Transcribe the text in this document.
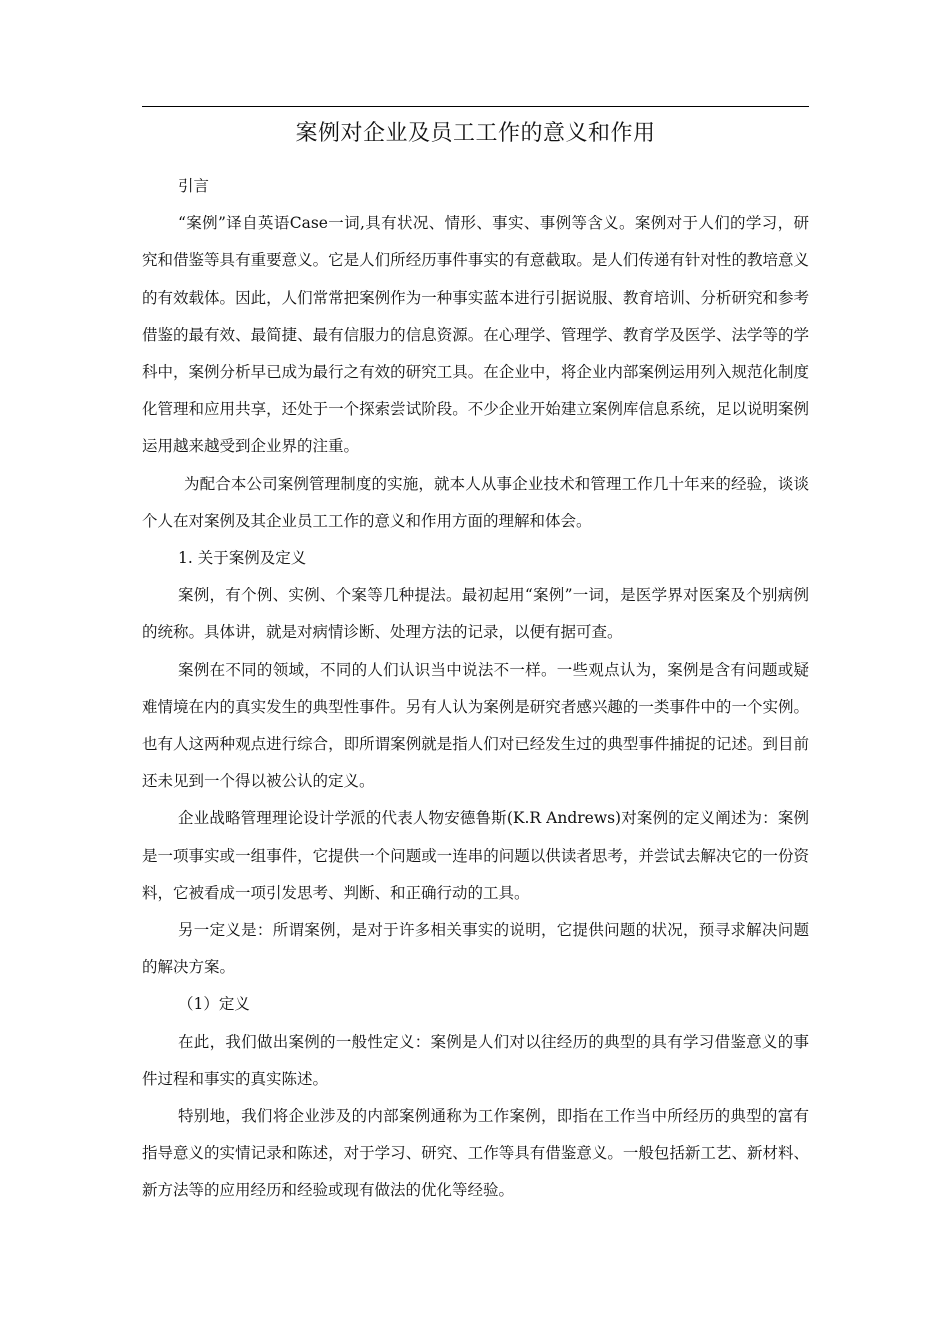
案例对企业及员工工作的意义和作用

引言

“案例”译自英语Case一词,具有状况、情形、事实、事例等含义。案例对于人们的学习，研究和借鉴等具有重要意义。它是人们所经历事件事实的有意截取。是人们传递有针对性的教培意义的有效载体。因此，人们常常把案例作为一种事实蓝本进行引据说服、教育培训、分析研究和参考借鉴的最有效、最简捷、最有信服力的信息资源。在心理学、管理学、教育学及医学、法学等的学科中，案例分析早已成为最行之有效的研究工具。在企业中，将企业内部案例运用列入规范化制度化管理和应用共享，还处于一个探索尝试阶段。不少企业开始建立案例库信息系统，足以说明案例运用越来越受到企业界的注重。

为配合本公司案例管理制度的实施，就本人从事企业技术和管理工作几十年来的经验，谈谈个人在对案例及其企业员工工作的意义和作用方面的理解和体会。

1. 关于案例及定义

案例，有个例、实例、个案等几种提法。最初起用“案例”一词，是医学界对医案及个别病例的统称。具体讲，就是对病情诊断、处理方法的记录，以便有据可查。

案例在不同的领域，不同的人们认识当中说法不一样。一些观点认为，案例是含有问题或疑难情境在内的真实发生的典型性事件。另有人认为案例是研究者感兴趣的一类事件中的一个实例。也有人这两种观点进行综合，即所谓案例就是指人们对已经发生过的典型事件捕捉的记述。到目前还未见到一个得以被公认的定义。

企业战略管理理论设计学派的代表人物安德鲁斯(K.R Andrews)对案例的定义阐述为：案例是一项事实或一组事件，它提供一个问题或一连串的问题以供读者思考，并尝试去解决它的一份资料，它被看成一项引发思考、判断、和正确行动的工具。

另一定义是：所谓案例，是对于许多相关事实的说明，它提供问题的状况，预寻求解决问题的解决方案。

（1）定义

在此，我们做出案例的一般性定义：案例是人们对以往经历的典型的具有学习借鉴意义的事件过程和事实的真实陈述。

特别地，我们将企业涉及的内部案例通称为工作案例，即指在工作当中所经历的典型的富有指导意义的实情记录和陈述，对于学习、研究、工作等具有借鉴意义。一般包括新工艺、新材料、新方法等的应用经历和经验或现有做法的优化等经验。
